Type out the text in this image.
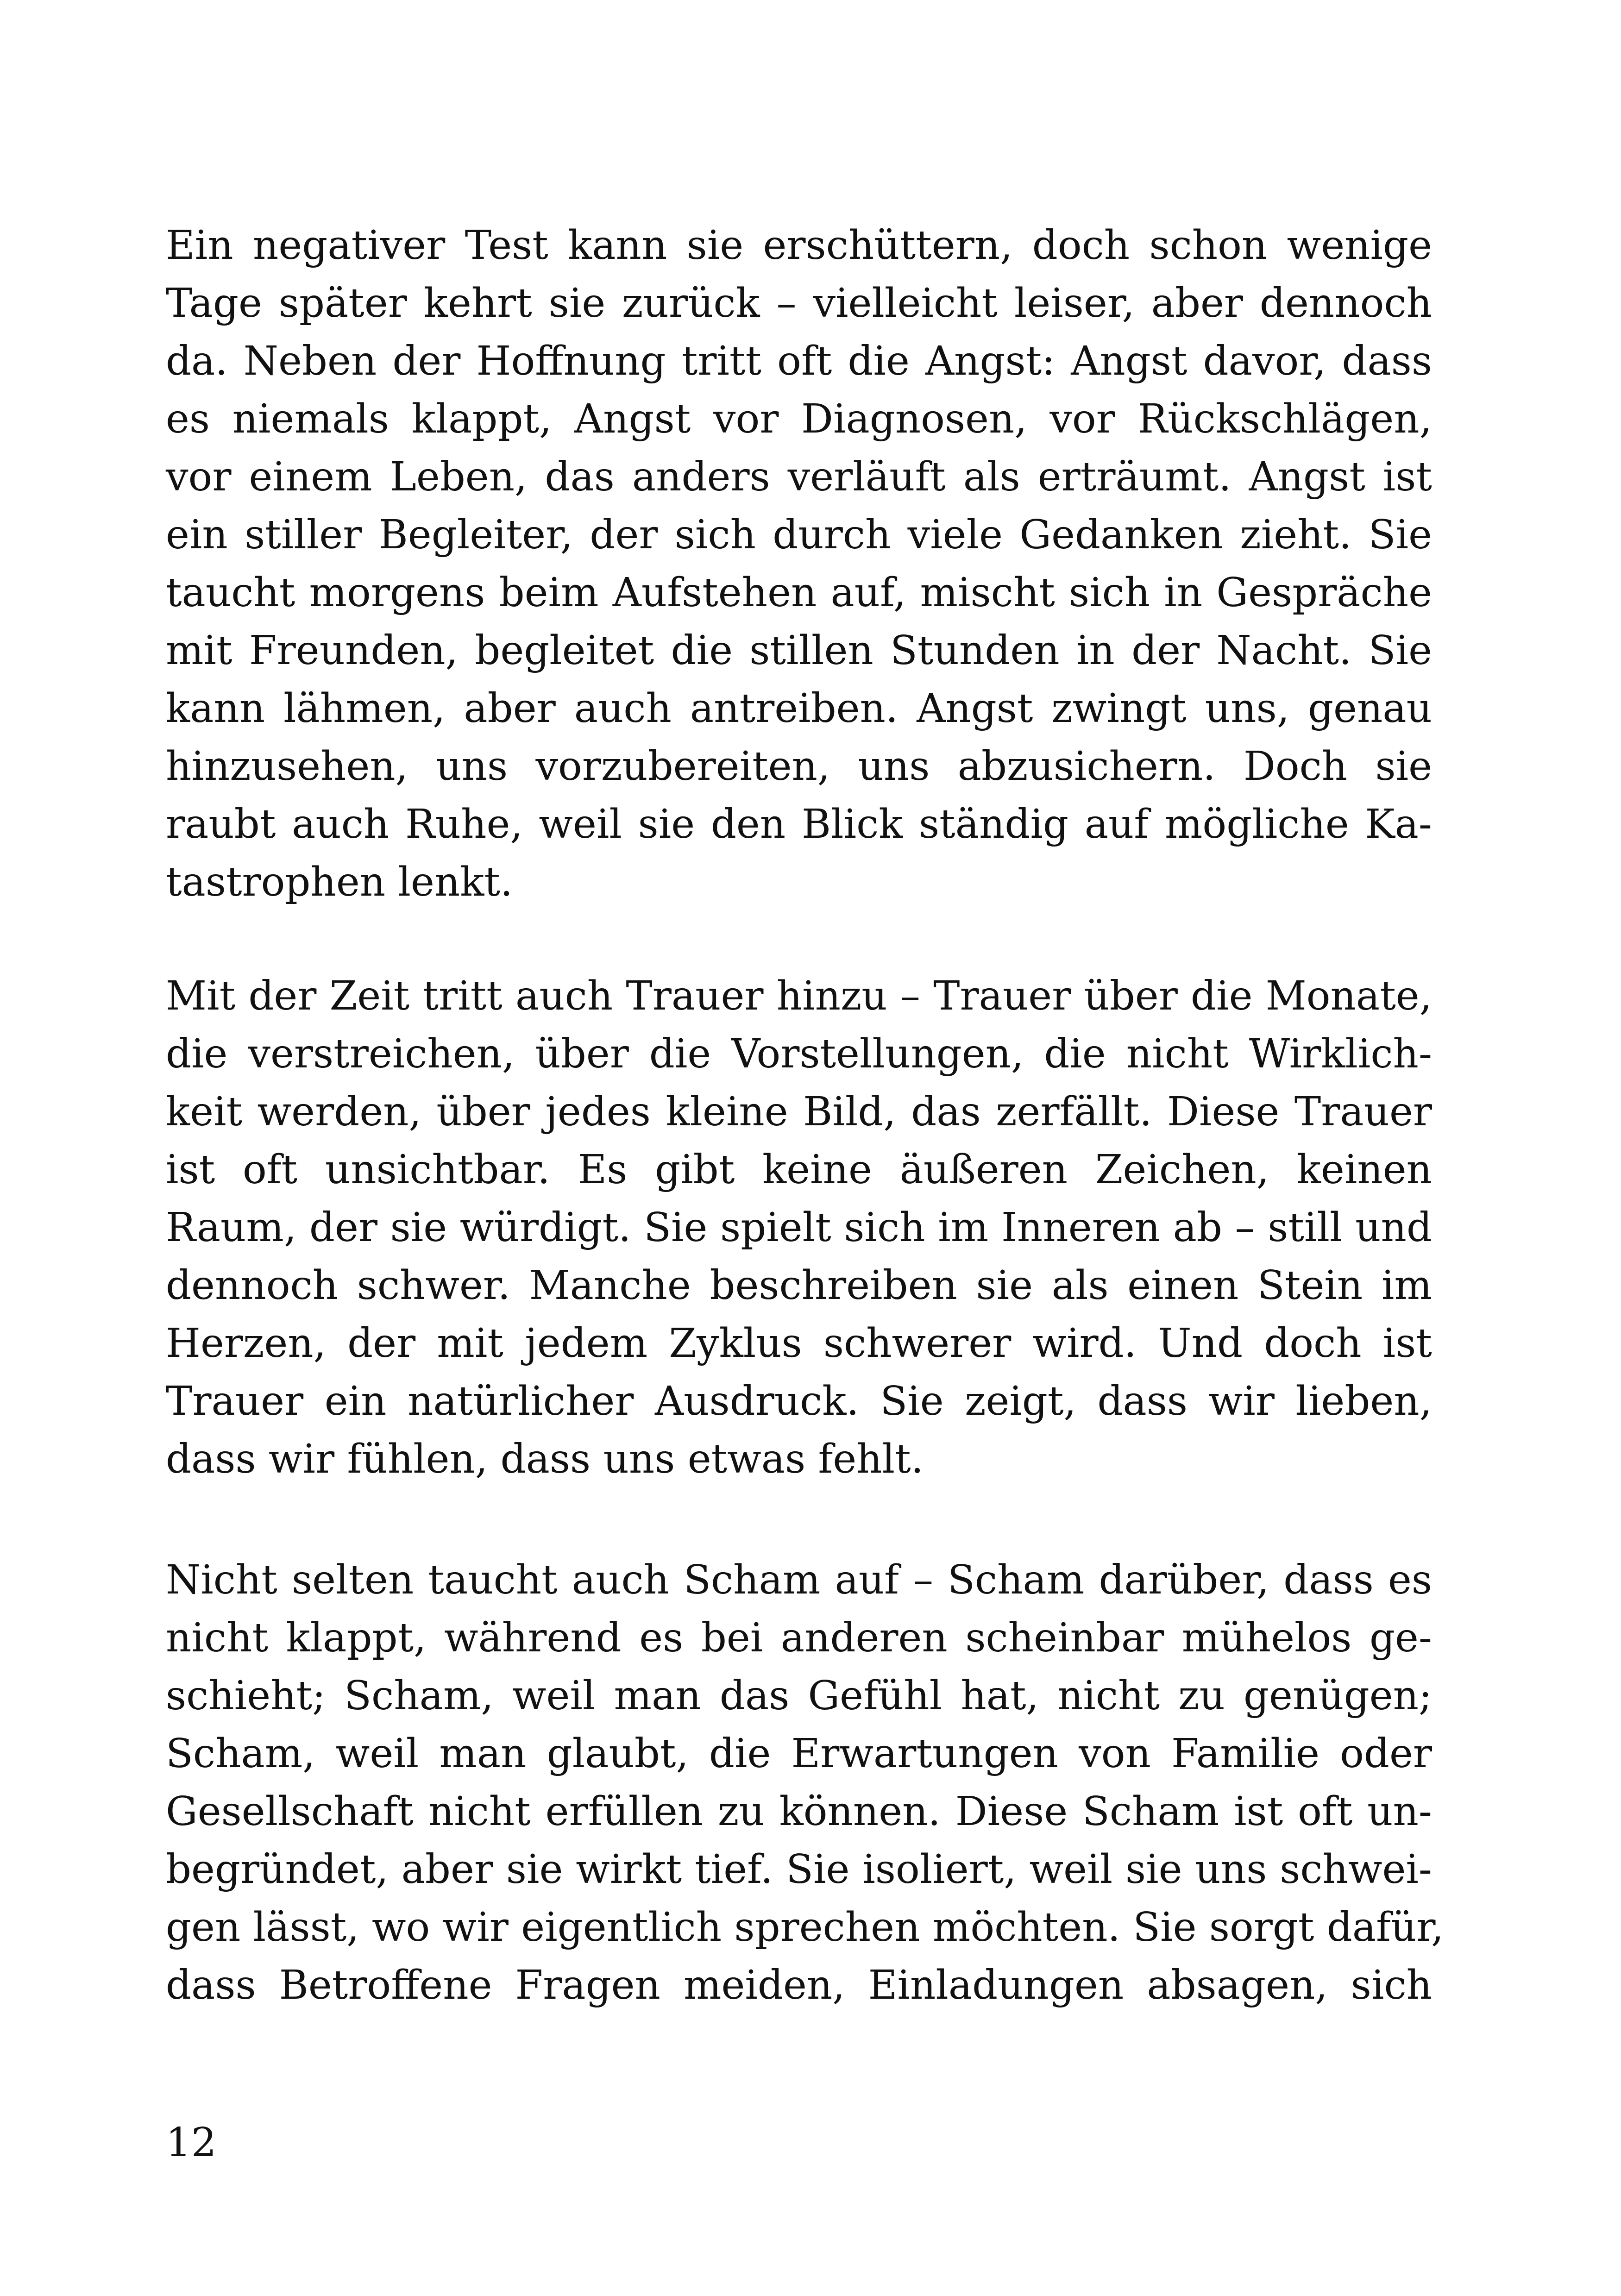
Ein negativer Test kann sie erschüttern, doch schon wenige
Tage später kehrt sie zurück – vielleicht leiser, aber dennoch
da. Neben der Hoffnung tritt oft die Angst: Angst davor, dass
es niemals klappt, Angst vor Diagnosen, vor Rückschlägen,
vor einem Leben, das anders verläuft als erträumt. Angst ist
ein stiller Begleiter, der sich durch viele Gedanken zieht. Sie
taucht morgens beim Aufstehen auf, mischt sich in Gespräche
mit Freunden, begleitet die stillen Stunden in der Nacht. Sie
kann lähmen, aber auch antreiben. Angst zwingt uns, genau
hinzusehen, uns vorzubereiten, uns abzusichern. Doch sie
raubt auch Ruhe, weil sie den Blick ständig auf mögliche Ka-
tastrophen lenkt.
Mit der Zeit tritt auch Trauer hinzu – Trauer über die Monate,
die verstreichen, über die Vorstellungen, die nicht Wirklich-
keit werden, über jedes kleine Bild, das zerfällt. Diese Trauer
ist oft unsichtbar. Es gibt keine äußeren Zeichen, keinen
Raum, der sie würdigt. Sie spielt sich im Inneren ab – still und
dennoch schwer. Manche beschreiben sie als einen Stein im
Herzen, der mit jedem Zyklus schwerer wird. Und doch ist
Trauer ein natürlicher Ausdruck. Sie zeigt, dass wir lieben,
dass wir fühlen, dass uns etwas fehlt.
Nicht selten taucht auch Scham auf – Scham darüber, dass es
nicht klappt, während es bei anderen scheinbar mühelos ge-
schieht; Scham, weil man das Gefühl hat, nicht zu genügen;
Scham, weil man glaubt, die Erwartungen von Familie oder
Gesellschaft nicht erfüllen zu können. Diese Scham ist oft un-
begründet, aber sie wirkt tief. Sie isoliert, weil sie uns schwei-
gen lässt, wo wir eigentlich sprechen möchten. Sie sorgt dafür,
dass Betroffene Fragen meiden, Einladungen absagen, sich
12
